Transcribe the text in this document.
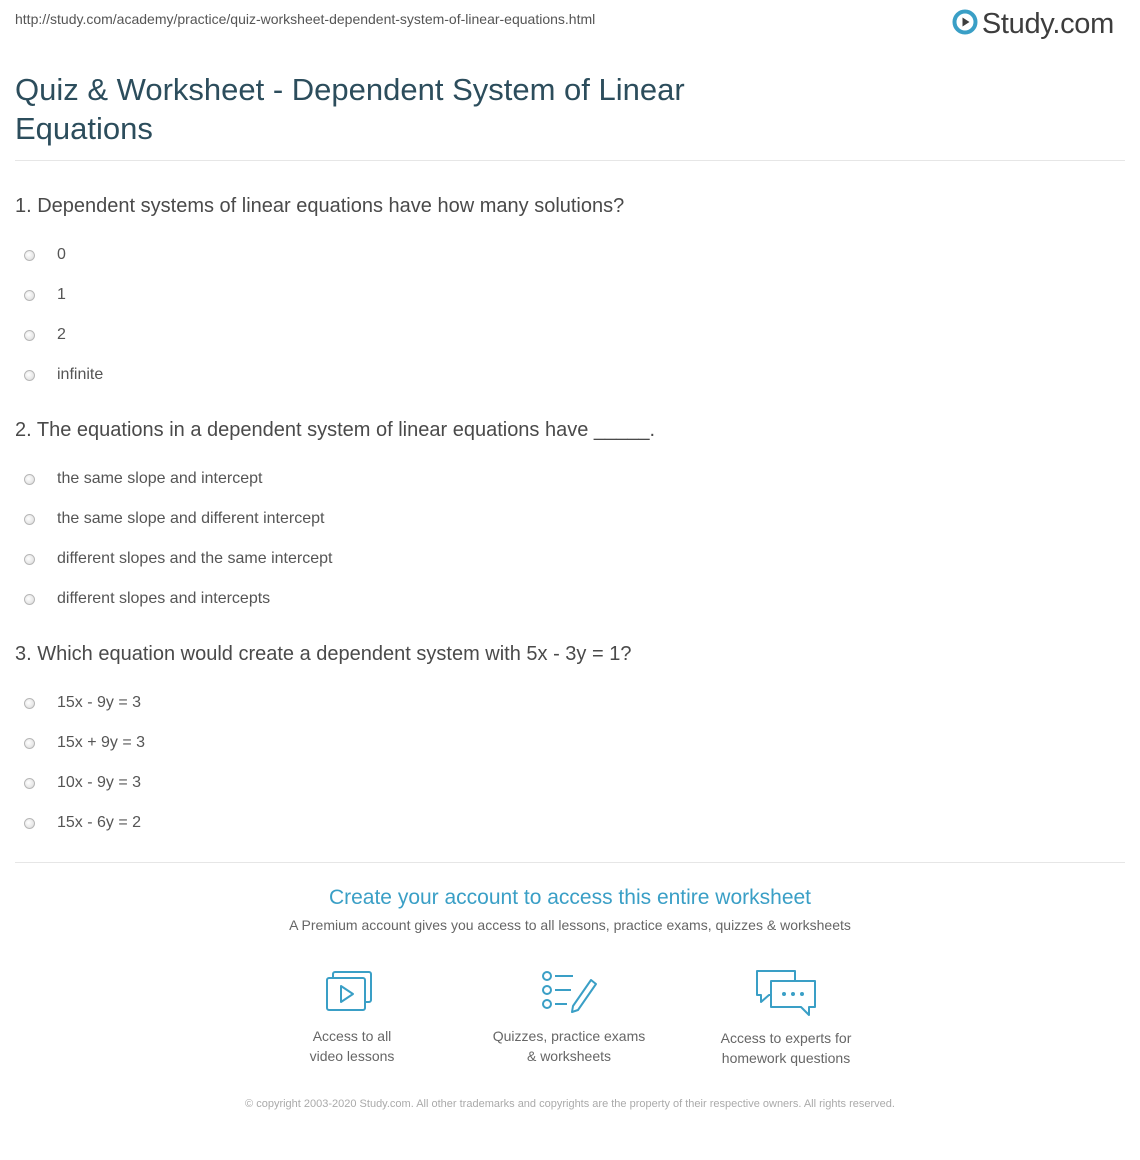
http://study.com/academy/practice/quiz-worksheet-dependent-system-of-linear-equations.html	Study.com
Quiz & Worksheet - Dependent System of Linear Equations

1. Dependent systems of linear equations have how many solutions?

0
1
2
infinite

2. The equations in a dependent system of linear equations have _____.

the same slope and intercept
the same slope and different intercept
different slopes and the same intercept
different slopes and intercepts

3. Which equation would create a dependent system with 5x - 3y = 1?

15x - 9y = 3
15x + 9y = 3
10x - 9y = 3
15x - 6y = 2
Create your account to access this entire worksheet
A Premium account gives you access to all lessons, practice exams, quizzes & worksheets
Access to all
video lessons
Quizzes, practice exams
& worksheets
Access to experts for
homework questions
© copyright 2003-2020 Study.com. All other trademarks and copyrights are the property of their respective owners. All rights reserved.
